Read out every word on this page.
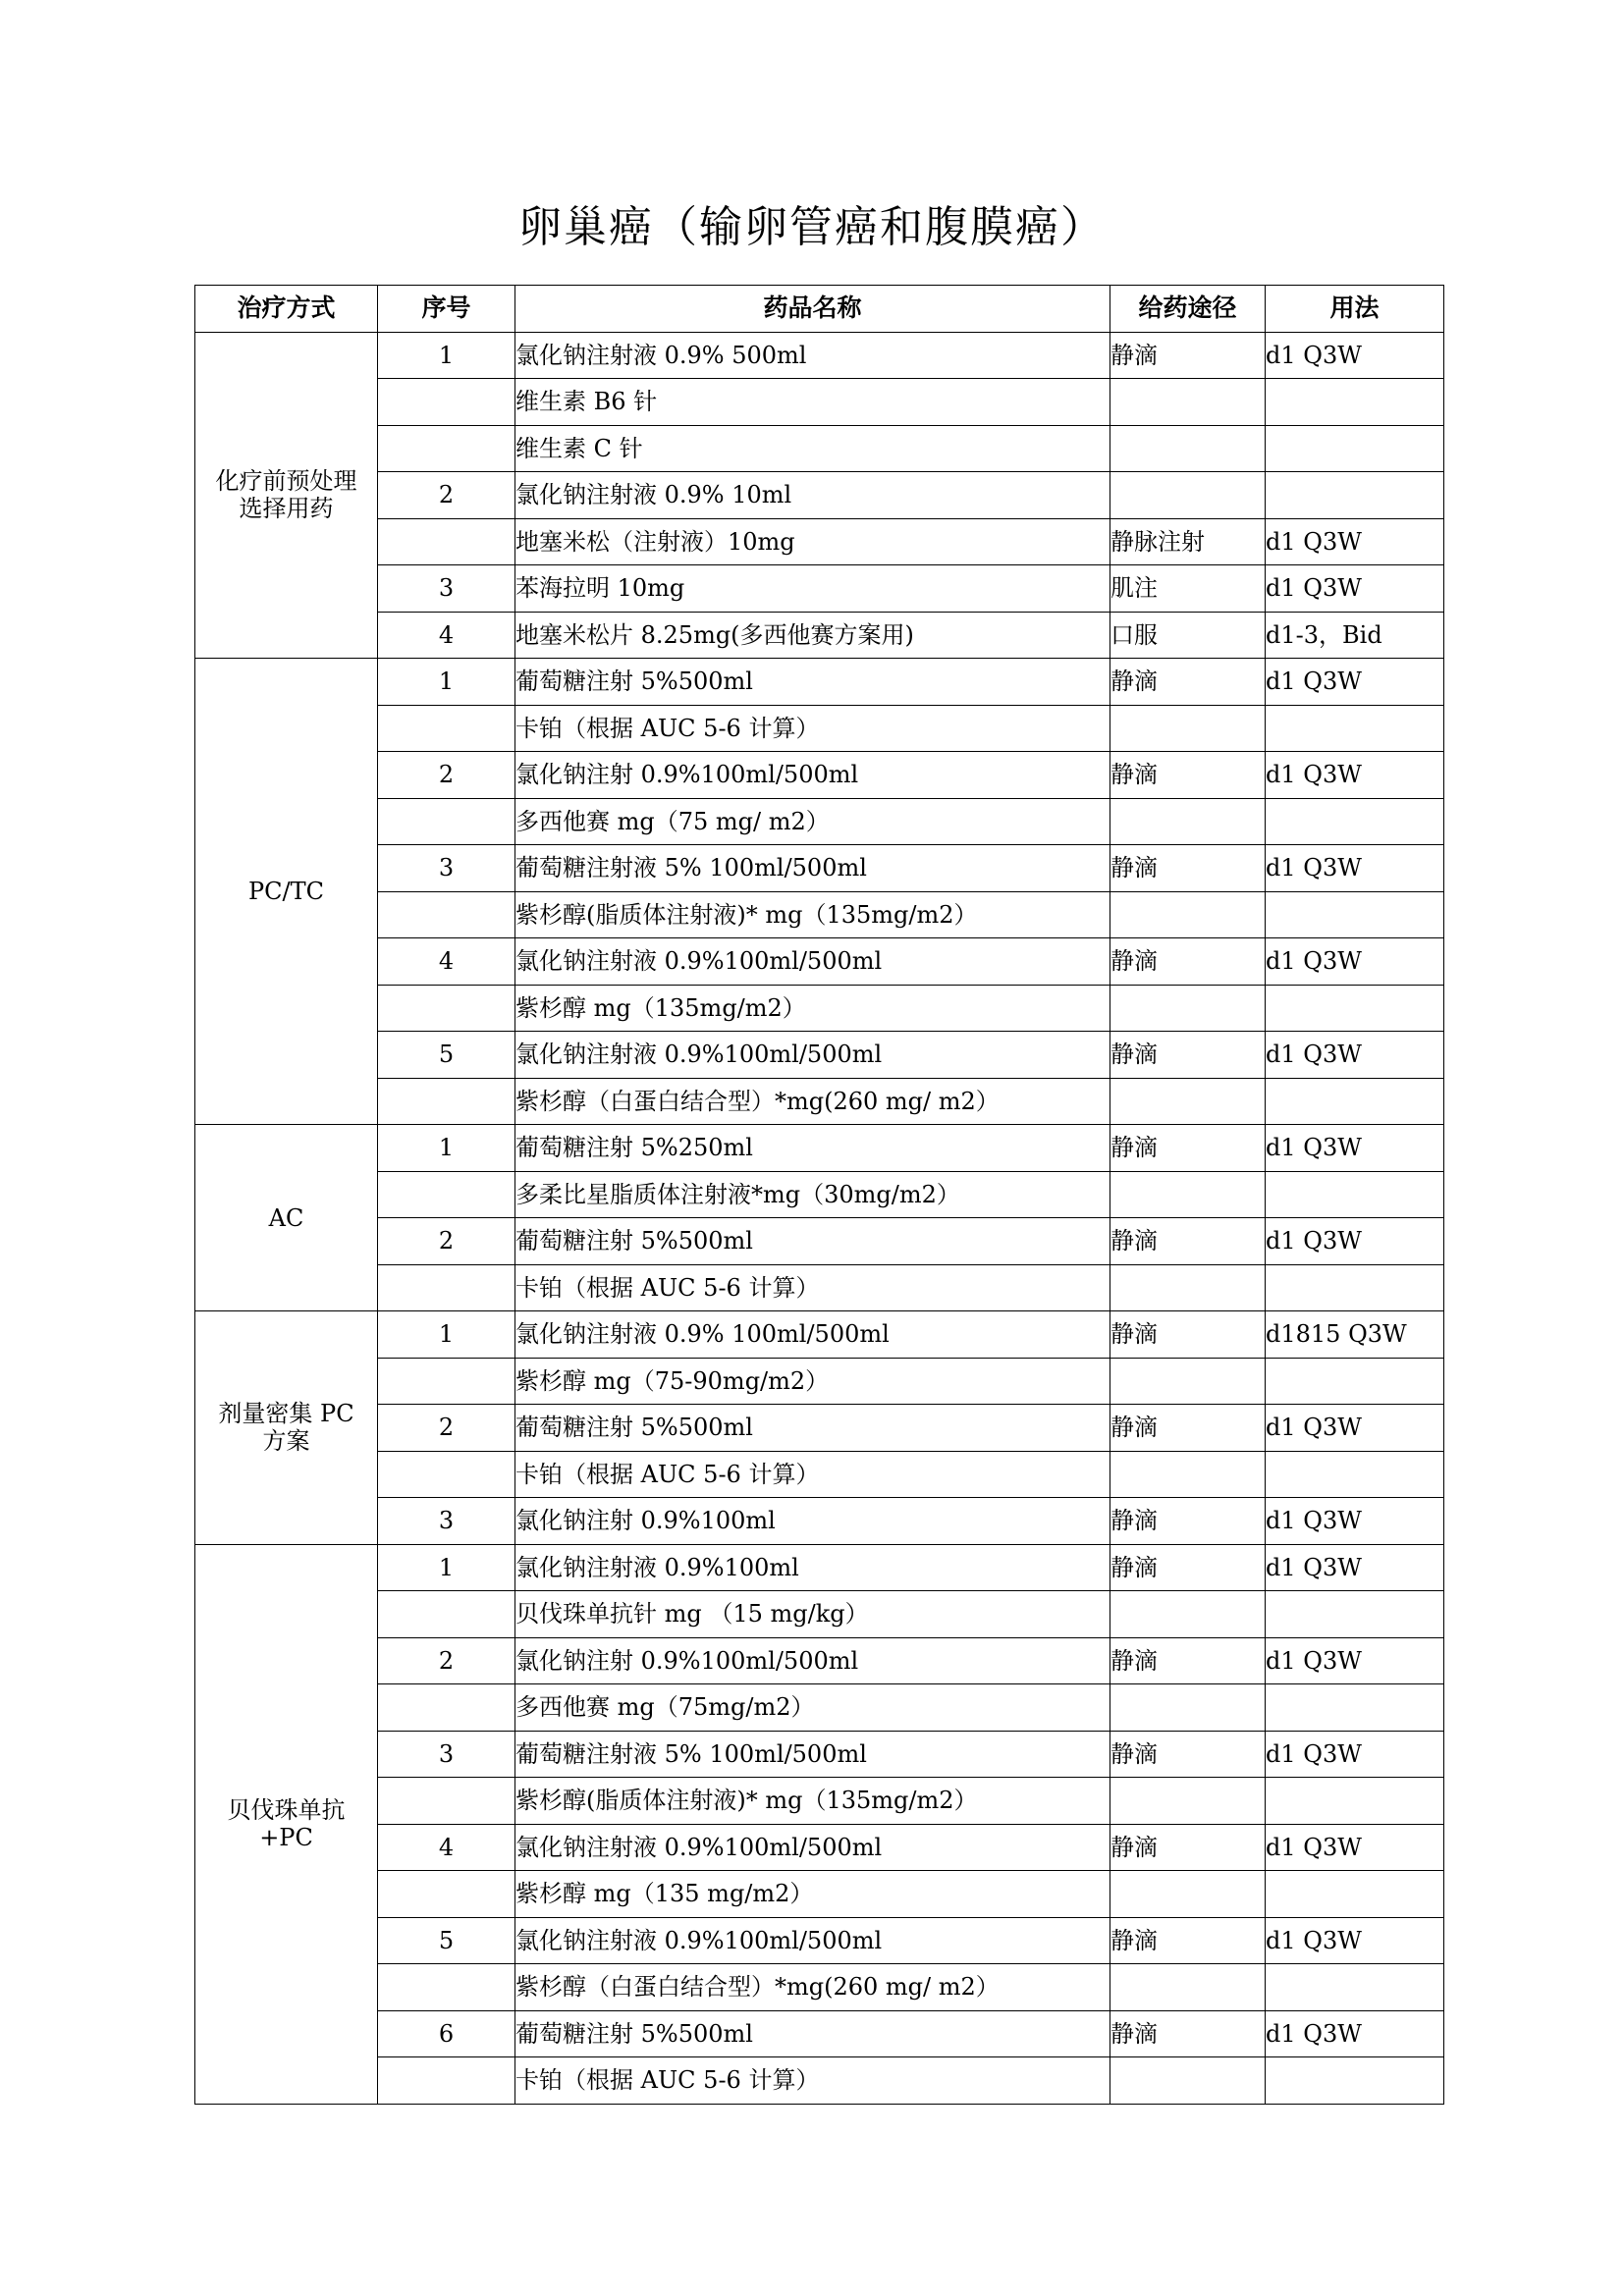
卵巢癌（输卵管癌和腹膜癌）
治疗方式	序号	药品名称	给药途径	用法

化疗前预处理
选择用药	1	氯化钠注射液 0.9% 500ml	静滴	d1 Q3W
		维生素 B6 针		
		维生素 C 针		
	2	氯化钠注射液 0.9% 10ml		
		地塞米松（注射液）10mg	静脉注射	d1 Q3W
	3	苯海拉明 10mg	肌注	d1 Q3W
	4	地塞米松片 8.25mg(多西他赛方案用)	口服	d1-3，Bid

PC/TC	1	葡萄糖注射 5%500ml	静滴	d1 Q3W
		卡铂（根据 AUC 5-6 计算）		
	2	氯化钠注射 0.9%100ml/500ml	静滴	d1 Q3W
		多西他赛 mg（75 mg/ m2）		
	3	葡萄糖注射液 5% 100ml/500ml	静滴	d1 Q3W
		紫杉醇(脂质体注射液)* mg（135mg/m2）		
	4	氯化钠注射液 0.9%100ml/500ml	静滴	d1 Q3W
		紫杉醇 mg（135mg/m2）		
	5	氯化钠注射液 0.9%100ml/500ml	静滴	d1 Q3W
		紫杉醇（白蛋白结合型）*mg(260 mg/ m2）		

AC	1	葡萄糖注射 5%250ml	静滴	d1 Q3W
		多柔比星脂质体注射液*mg（30mg/m2）		
	2	葡萄糖注射 5%500ml	静滴	d1 Q3W
		卡铂（根据 AUC 5-6 计算）		

剂量密集 PC
方案	1	氯化钠注射液 0.9% 100ml/500ml	静滴	d1815 Q3W
		紫杉醇 mg（75-90mg/m2）		
	2	葡萄糖注射 5%500ml	静滴	d1 Q3W
		卡铂（根据 AUC 5-6 计算）		
	3	氯化钠注射 0.9%100ml	静滴	d1 Q3W

贝伐珠单抗
+PC	1	氯化钠注射液 0.9%100ml	静滴	d1 Q3W
		贝伐珠单抗针 mg （15 mg/kg）		
	2	氯化钠注射 0.9%100ml/500ml	静滴	d1 Q3W
		多西他赛 mg（75mg/m2）		
	3	葡萄糖注射液 5% 100ml/500ml	静滴	d1 Q3W
		紫杉醇(脂质体注射液)* mg（135mg/m2）		
	4	氯化钠注射液 0.9%100ml/500ml	静滴	d1 Q3W
		紫杉醇 mg（135 mg/m2）		
	5	氯化钠注射液 0.9%100ml/500ml	静滴	d1 Q3W
		紫杉醇（白蛋白结合型）*mg(260 mg/ m2）		
	6	葡萄糖注射 5%500ml	静滴	d1 Q3W
		卡铂（根据 AUC 5-6 计算）		
